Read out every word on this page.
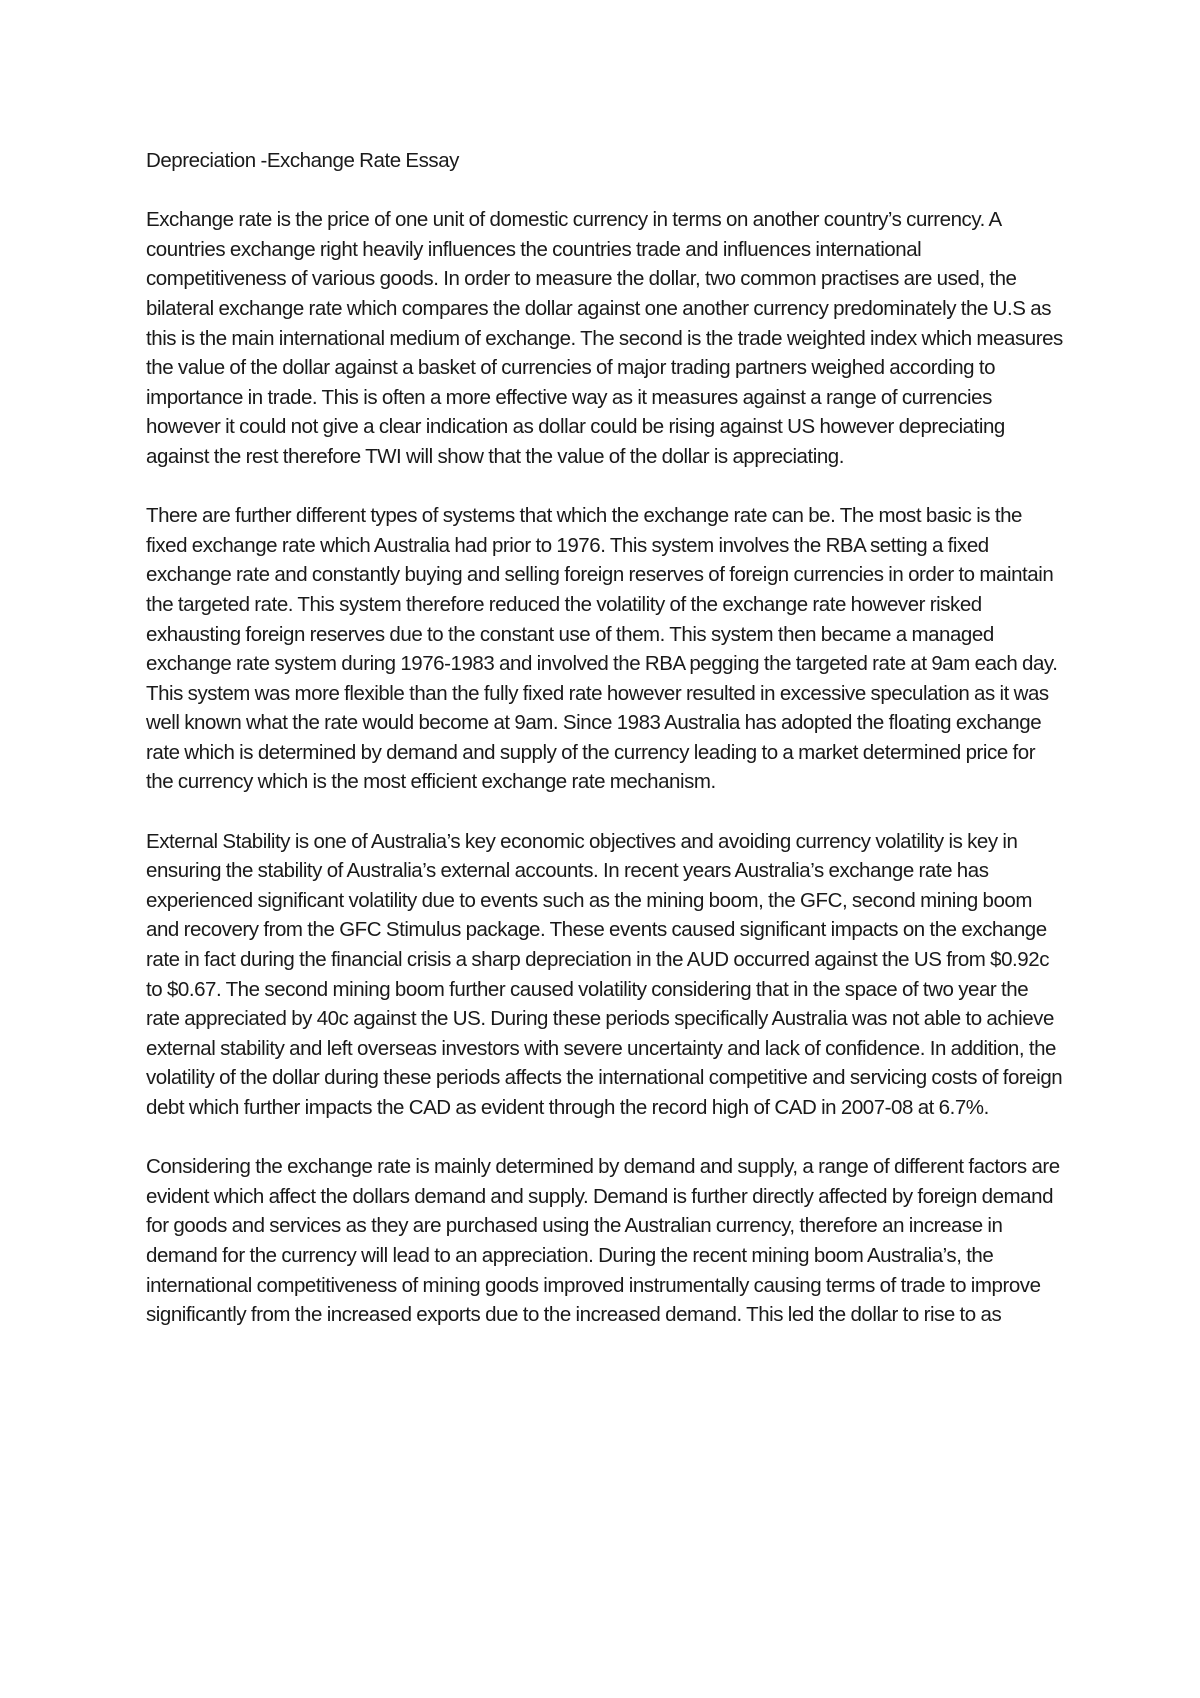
Depreciation -Exchange Rate Essay
Exchange rate is the price of one unit of domestic currency in terms on another country’s currency. A countries exchange right heavily influences the countries trade and influences international competitiveness of various goods. In order to measure the dollar, two common practises are used, the bilateral exchange rate which compares the dollar against one another currency predominately the U.S as this is the main international medium of exchange. The second is the trade weighted index which measures the value of the dollar against a basket of currencies of major trading partners weighed according to importance in trade. This is often a more effective way as it measures against a range of currencies however it could not give a clear indication as dollar could be rising against US however depreciating against the rest therefore TWI will show that the value of the dollar is appreciating.
There are further different types of systems that which the exchange rate can be. The most basic is the fixed exchange rate which Australia had prior to 1976. This system involves the RBA setting a fixed exchange rate and constantly buying and selling foreign reserves of foreign currencies in order to maintain the targeted rate. This system therefore reduced the volatility of the exchange rate however risked exhausting foreign reserves due to the constant use of them. This system then became a managed exchange rate system during 1976-1983 and involved the RBA pegging the targeted rate at 9am each day. This system was more flexible than the fully fixed rate however resulted in excessive speculation as it was well known what the rate would become at 9am. Since 1983 Australia has adopted the floating exchange rate which is determined by demand and supply of the currency leading to a market determined price for the currency which is the most efficient exchange rate mechanism.
External Stability is one of Australia’s key economic objectives and avoiding currency volatility is key in ensuring the stability of Australia’s external accounts. In recent years Australia’s exchange rate has experienced significant volatility due to events such as the mining boom, the GFC, second mining boom and recovery from the GFC Stimulus package. These events caused significant impacts on the exchange rate in fact during the financial crisis a sharp depreciation in the AUD occurred against the US from $0.92c to $0.67. The second mining boom further caused volatility considering that in the space of two year the rate appreciated by 40c against the US. During these periods specifically Australia was not able to achieve external stability and left overseas investors with severe uncertainty and lack of confidence. In addition, the volatility of the dollar during these periods affects the international competitive and servicing costs of foreign debt which further impacts the CAD as evident through the record high of CAD in 2007-08 at 6.7%.
Considering the exchange rate is mainly determined by demand and supply, a range of different factors are evident which affect the dollars demand and supply. Demand is further directly affected by foreign demand for goods and services as they are purchased using the Australian currency, therefore an increase in demand for the currency will lead to an appreciation. During the recent mining boom Australia’s, the international competitiveness of mining goods improved instrumentally causing terms of trade to improve significantly from the increased exports due to the increased demand. This led the dollar to rise to as
